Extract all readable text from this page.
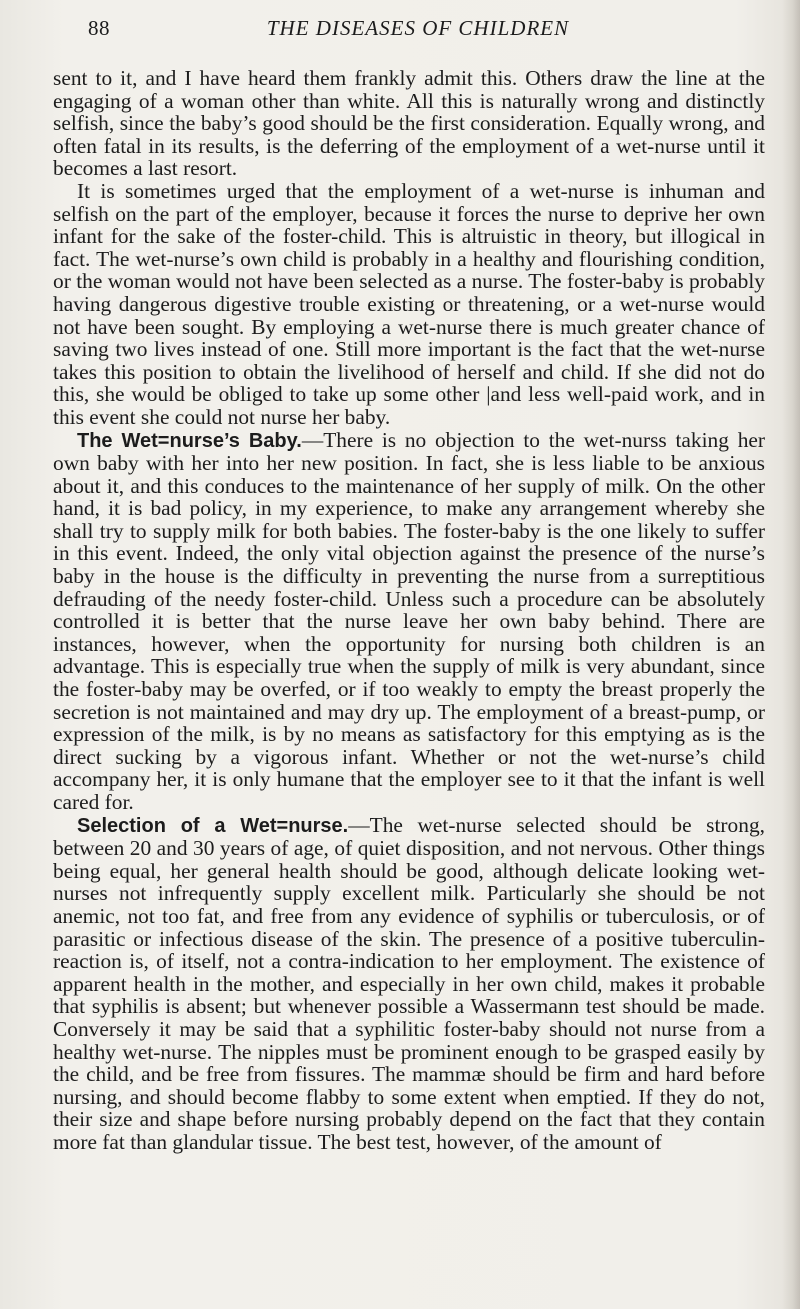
88	THE DISEASES OF CHILDREN

sent to it, and I have heard them frankly admit this. Others draw the line at the engaging of a woman other than white. All this is naturally wrong and distinctly selfish, since the baby’s good should be the first consideration. Equally wrong, and often fatal in its results, is the deferring of the employment of a wet-nurse until it becomes a last resort.

It is sometimes urged that the employment of a wet-nurse is inhuman and selfish on the part of the employer, because it forces the nurse to deprive her own infant for the sake of the foster-child. This is altruistic in theory, but illogical in fact. The wet-nurse’s own child is probably in a healthy and flourishing condition, or the woman would not have been selected as a nurse. The foster-baby is probably having dangerous digestive trouble existing or threatening, or a wet-nurse would not have been sought. By employing a wet-nurse there is much greater chance of saving two lives instead of one. Still more important is the fact that the wet-nurse takes this position to obtain the livelihood of herself and child. If she did not do this, she would be obliged to take up some other |and less well-paid work, and in this event she could not nurse her baby.

The Wet=nurse’s Baby.—There is no objection to the wet-nurss taking her own baby with her into her new position. In fact, she is less liable to be anxious about it, and this conduces to the maintenance of her supply of milk. On the other hand, it is bad policy, in my experience, to make any arrangement whereby she shall try to supply milk for both babies. The foster-baby is the one likely to suffer in this event. Indeed, the only vital objection against the presence of the nurse’s baby in the house is the difficulty in preventing the nurse from a surreptitious defrauding of the needy foster-child. Unless such a procedure can be absolutely controlled it is better that the nurse leave her own baby behind. There are instances, however, when the opportunity for nursing both children is an advantage. This is especially true when the supply of milk is very abundant, since the foster-baby may be overfed, or if too weakly to empty the breast properly the secretion is not maintained and may dry up. The employment of a breast-pump, or expression of the milk, is by no means as satisfactory for this emptying as is the direct sucking by a vigorous infant. Whether or not the wet-nurse’s child accompany her, it is only humane that the employer see to it that the infant is well cared for.

Selection of a Wet=nurse.—The wet-nurse selected should be strong, between 20 and 30 years of age, of quiet disposition, and not nervous. Other things being equal, her general health should be good, although delicate looking wet-nurses not infrequently supply excellent milk. Particularly she should be not anemic, not too fat, and free from any evidence of syphilis or tuberculosis, or of parasitic or infectious disease of the skin. The presence of a positive tuberculin-reaction is, of itself, not a contra-indication to her employment. The existence of apparent health in the mother, and especially in her own child, makes it probable that syphilis is absent; but whenever possible a Wassermann test should be made. Conversely it may be said that a syphilitic foster-baby should not nurse from a healthy wet-nurse. The nipples must be prominent enough to be grasped easily by the child, and be free from fissures. The mammæ should be firm and hard before nursing, and should become flabby to some extent when emptied. If they do not, their size and shape before nursing probably depend on the fact that they contain more fat than glandular tissue. The best test, however, of the amount of
